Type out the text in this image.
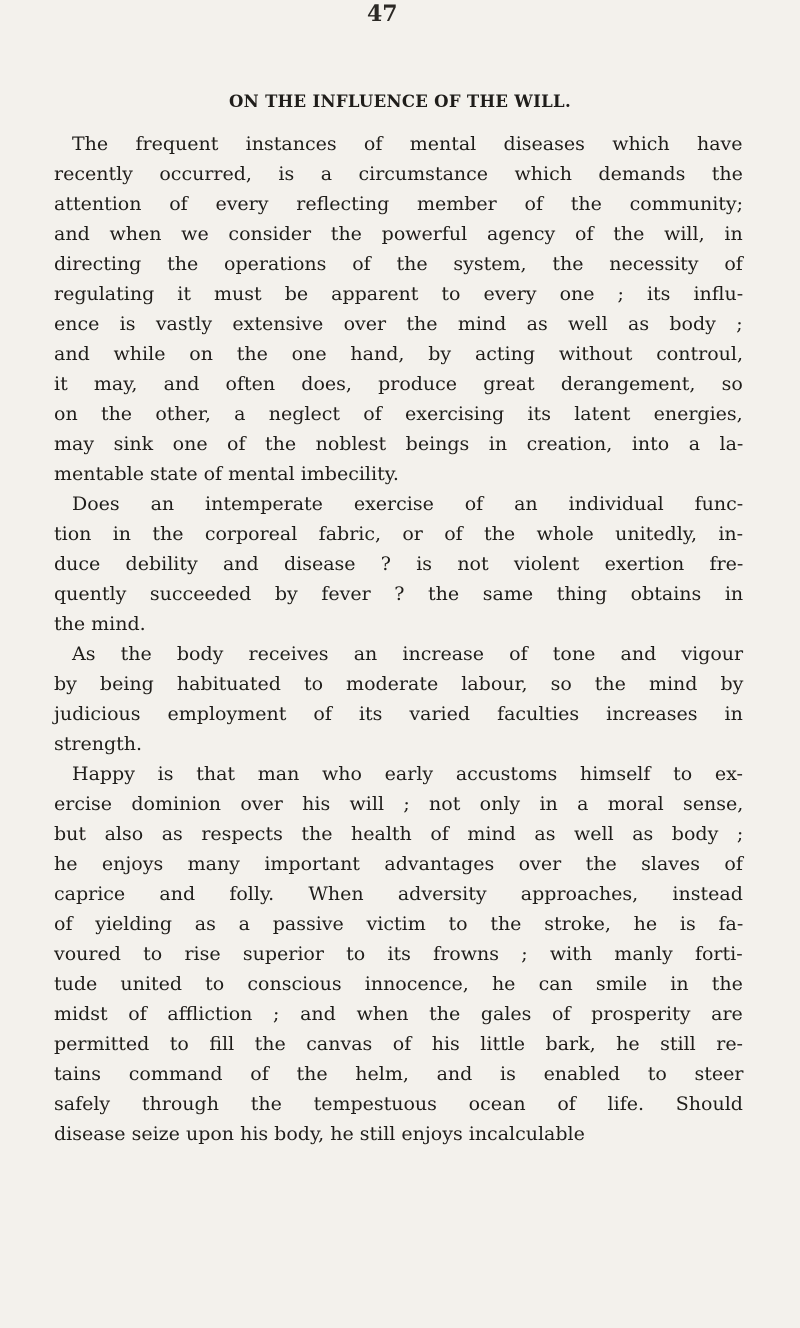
47
ON THE INFLUENCE OF THE WILL.
The frequent instances of mental diseases which have
recently occurred, is a circumstance which demands the
attention of every reflecting member of the community;
and when we consider the powerful agency of the will, in
directing the operations of the system, the necessity of
regulating it must be apparent to every one ; its influ-
ence is vastly extensive over the mind as well as body ;
and while on the one hand, by acting without controul,
it may, and often does, produce great derangement, so
on the other, a neglect of exercising its latent energies,
may sink one of the noblest beings in creation, into a la-
mentable state of mental imbecility.
Does an intemperate exercise of an individual func-
tion in the corporeal fabric, or of the whole unitedly, in-
duce debility and disease ? is not violent exertion fre-
quently succeeded by fever ? the same thing obtains in
the mind.
As the body receives an increase of tone and vigour
by being habituated to moderate labour, so the mind by
judicious employment of its varied faculties increases in
strength.
Happy is that man who early accustoms himself to ex-
ercise dominion over his will ; not only in a moral sense,
but also as respects the health of mind as well as body ;
he enjoys many important advantages over the slaves of
caprice and folly. When adversity approaches, instead
of yielding as a passive victim to the stroke, he is fa-
voured to rise superior to its frowns ; with manly forti-
tude united to conscious innocence, he can smile in the
midst of affliction ; and when the gales of prosperity are
permitted to fill the canvas of his little bark, he still re-
tains command of the helm, and is enabled to steer
safely through the tempestuous ocean of life. Should
disease seize upon his body, he still enjoys incalculable
